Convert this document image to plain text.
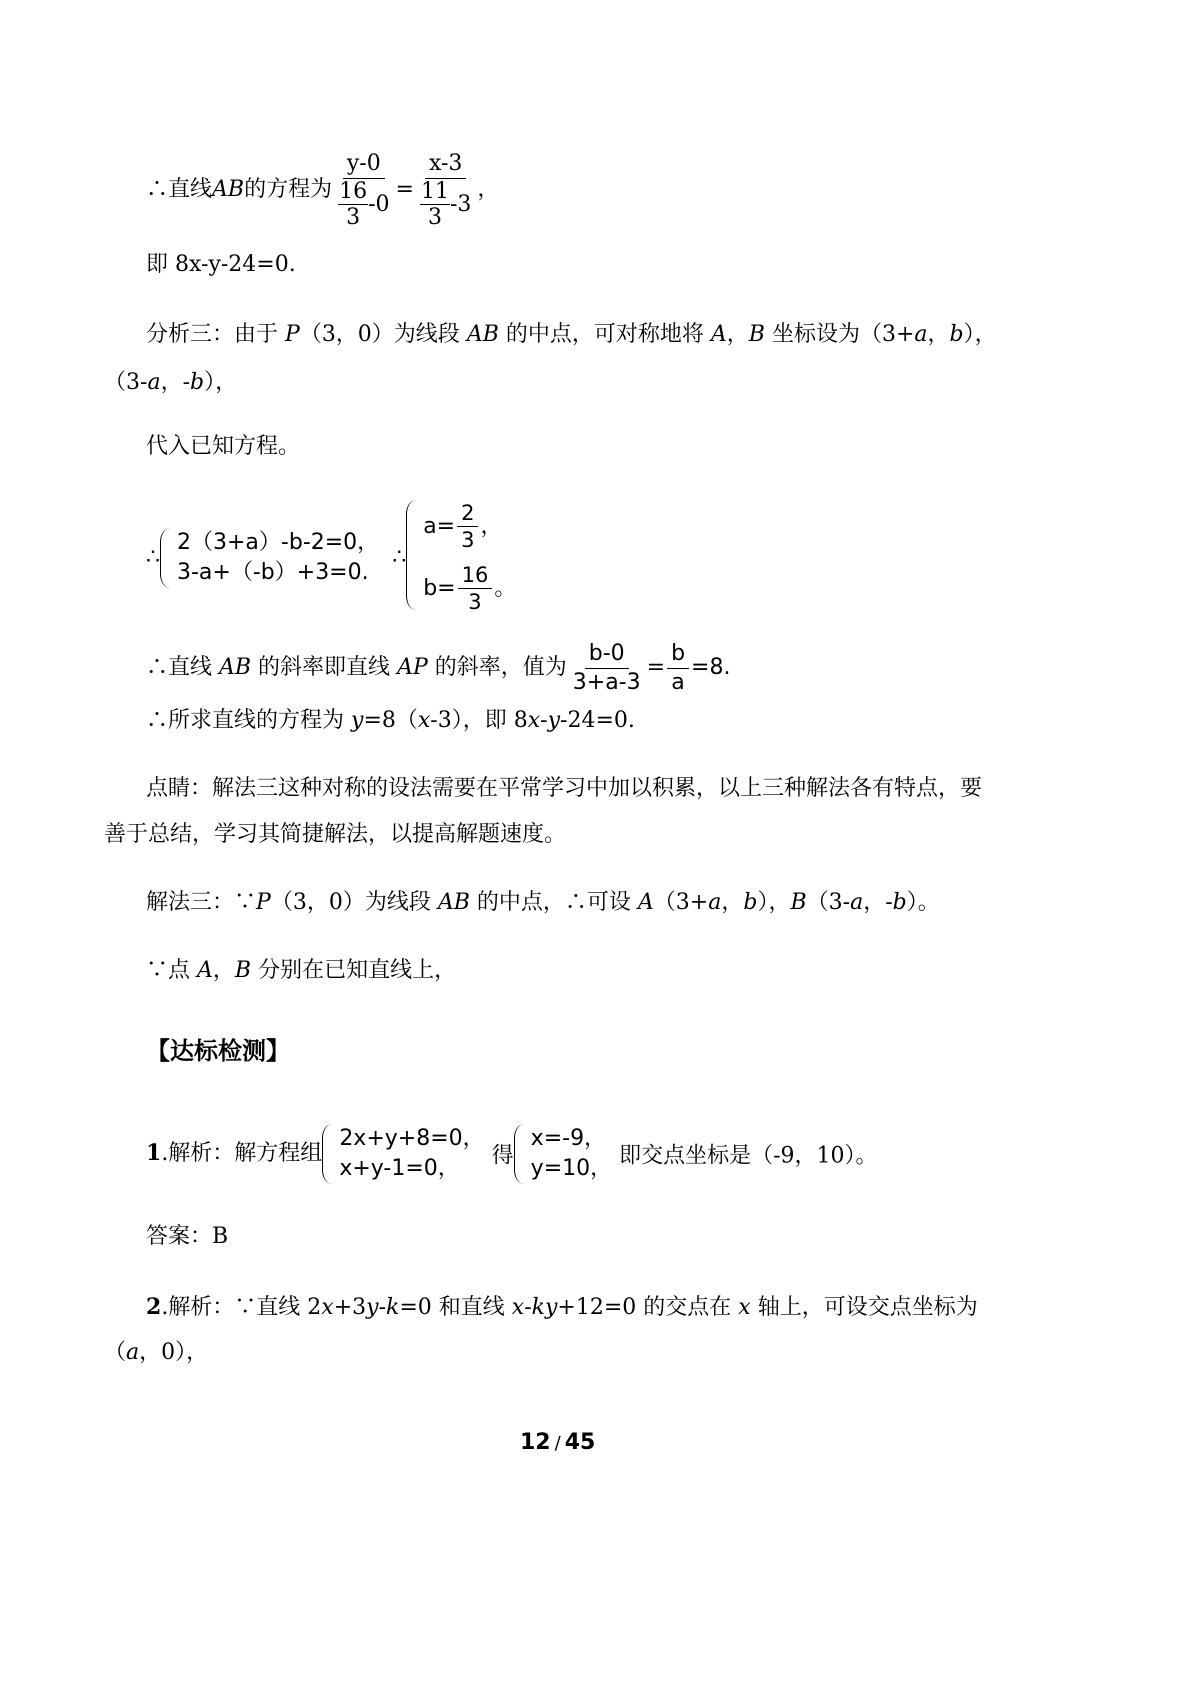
∴直线AB的方程为 $\frac{y-0}{\frac{16}{3} -0} = \frac{x-3}{\frac{11}{3} -3}$ ，
即 8x-y-24=0.
分析三：由于 P（3，0）为线段 AB 的中点，可对称地将 A，B 坐标设为（3+a，b），
（3-a，-b），
代入已知方程。
∴
2（3+a）-b-2=0，
3-a+（-b）+3=0.
∴
$a= \frac{2}{3}$ ，
$b= \frac{16}{3}$ 。
∴直线 AB 的斜率即直线 AP 的斜率，值为 $\frac{b-0}{3+a-3} = \frac{b}{a} =8$.
∴所求直线的方程为 y=8（x-3），即 8x-y-24=0.
点睛：解法三这种对称的设法需要在平常学习中加以积累，以上三种解法各有特点，要
善于总结，学习其简捷解法，以提高解题速度。
解法三：∵P（3，0）为线段 AB 的中点，∴可设 A（3+a，b），B（3-a，-b）。
∵点 A，B 分别在已知直线上，
【达标检测】
1.解析：解方程组
2x+y+8=0，
x+y-1=0，	得
x=-9，
y=10， 即交点坐标是（-9，10）。
答案：B
2.解析：∵直线 2x+3y-k=0 和直线 x-ky+12=0 的交点在 x 轴上，可设交点坐标为
（a，0），
12 / 45
